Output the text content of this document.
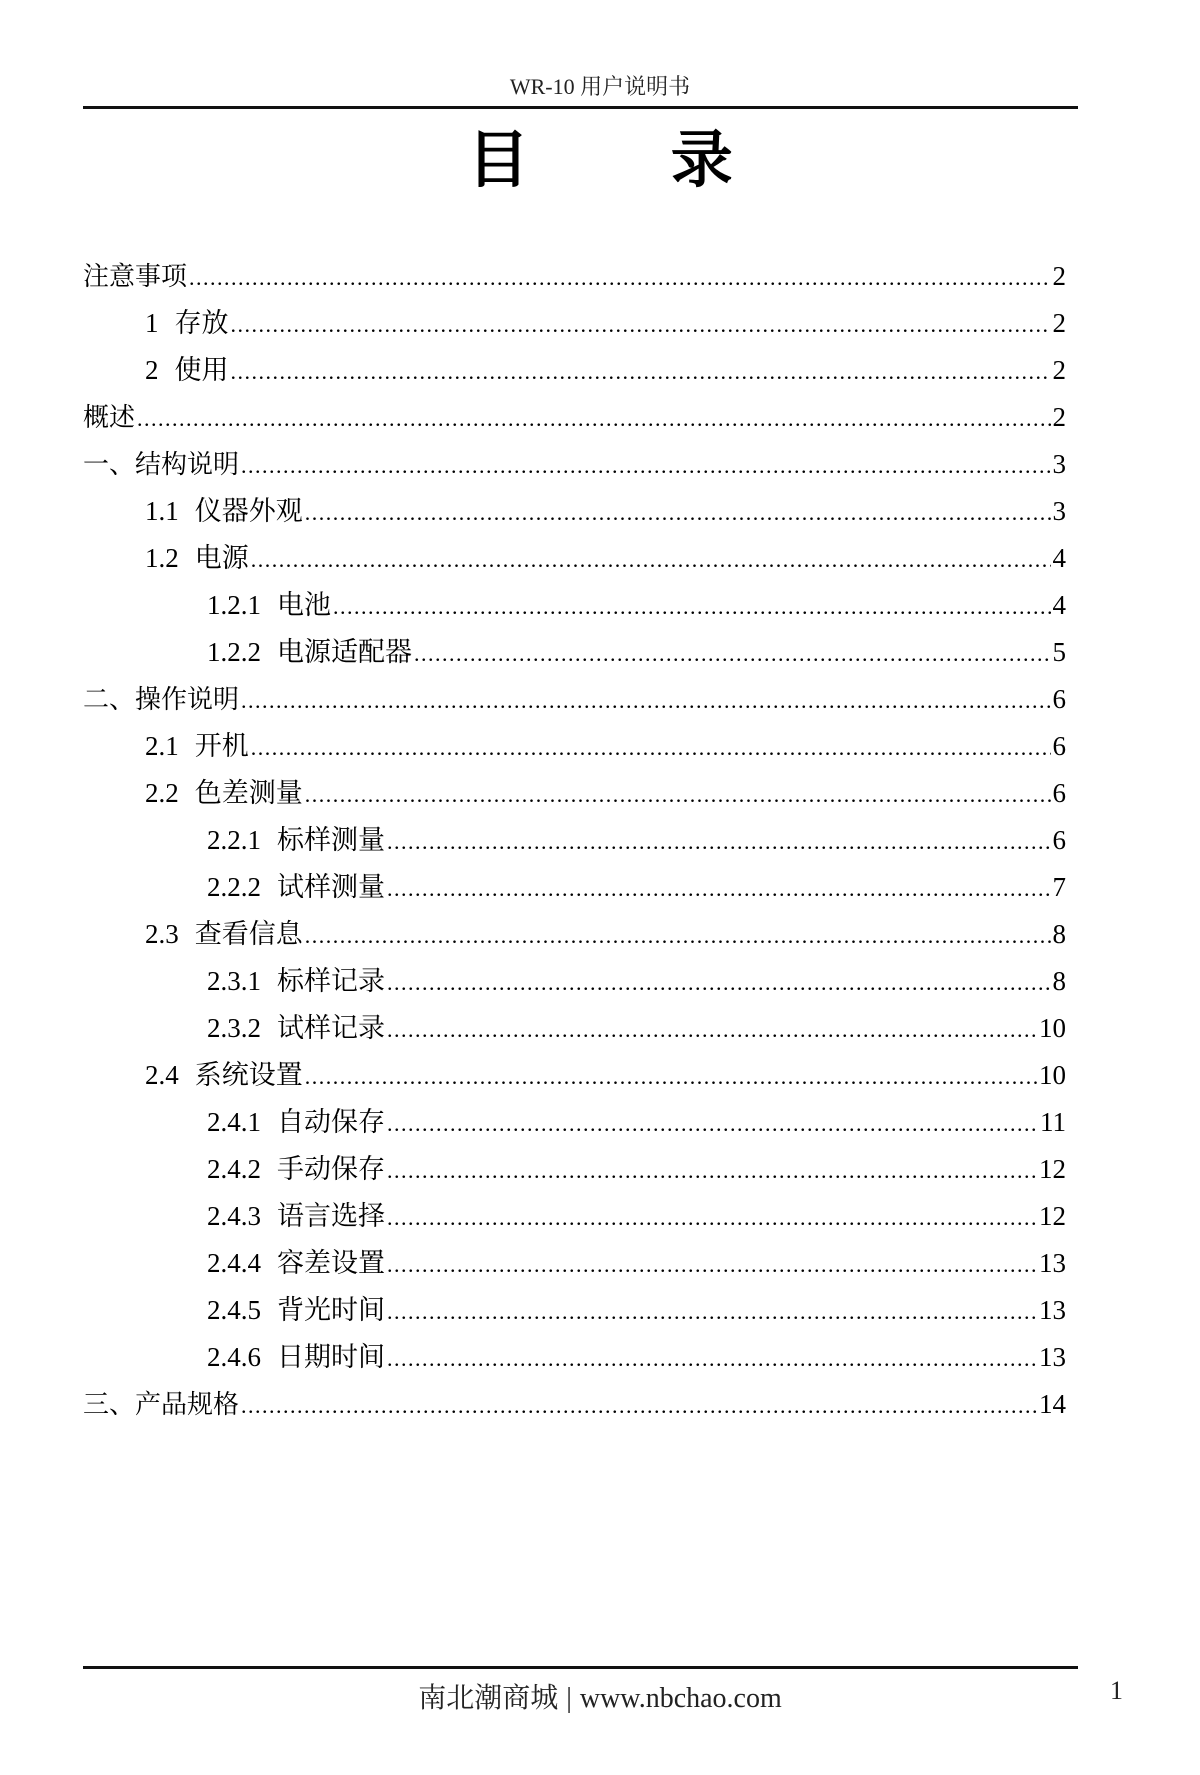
WR-10 用户说明书
目 录
注意事项 .....	2
1 存放 .....	2
2 使用 .....	2
概述 .....	2
一、结构说明 .....	3
1.1 仪器外观 .....	3
1.2 电源 .....	4
1.2.1 电池 .....	4
1.2.2 电源适配器 .....	5
二、操作说明 .....	6
2.1 开机 .....	6
2.2 色差测量 .....	6
2.2.1 标样测量 .....	6
2.2.2 试样测量 .....	7
2.3 查看信息 .....	8
2.3.1 标样记录 .....	8
2.3.2 试样记录 .....	10
2.4 系统设置 .....	10
2.4.1 自动保存 .....	11
2.4.2 手动保存 .....	12
2.4.3 语言选择 .....	12
2.4.4 容差设置 .....	13
2.4.5 背光时间 .....	13
2.4.6 日期时间 .....	13
三、产品规格 .....	14
南北潮商城 | www.nbchao.com	1
